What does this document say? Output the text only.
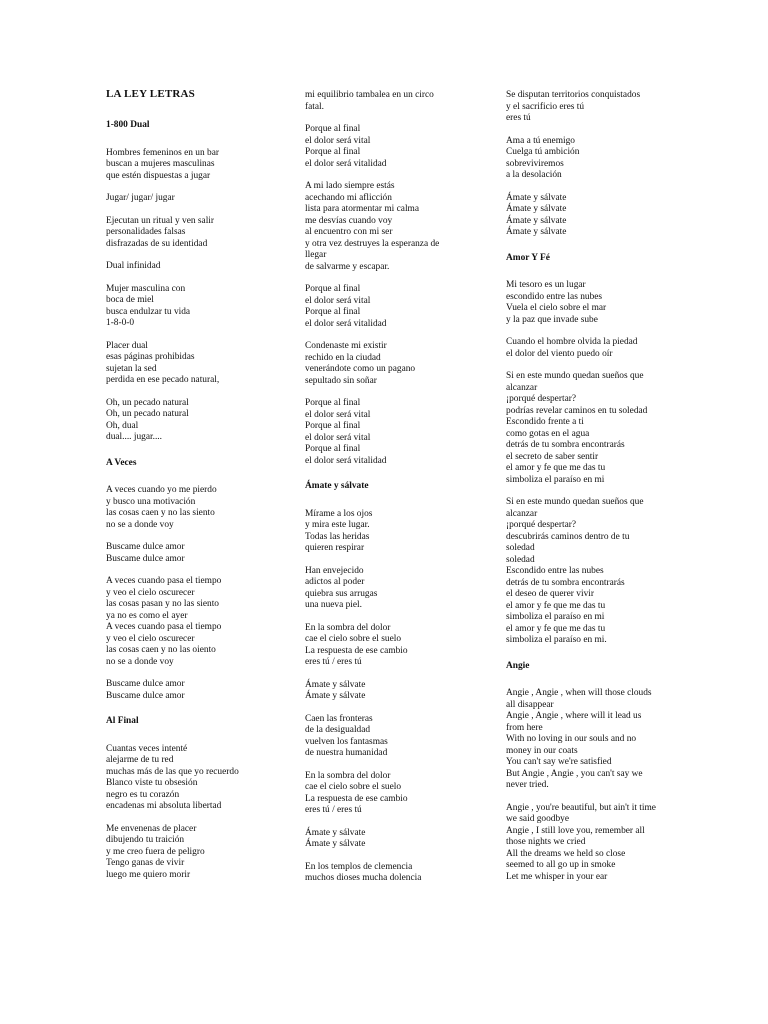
LA LEY LETRAS
1-800 Dual
Hombres femeninos en un bar
buscan a mujeres masculinas
que estén dispuestas a jugar
Jugar/ jugar/ jugar
Ejecutan un ritual y ven salir
personalidades falsas
disfrazadas de su identidad
Dual infinidad
Mujer masculina con
boca de miel
busca endulzar tu vida
1-8-0-0
Placer dual
esas páginas prohibidas
sujetan la sed
perdida en ese pecado natural,
Oh, un pecado natural
Oh, un pecado natural
Oh, dual
dual.... jugar....
A Veces
A veces cuando yo me pierdo
y busco una motivación
las cosas caen y no las siento
no se a donde voy
Buscame dulce amor
Buscame dulce amor
A veces cuando pasa el tiempo
y veo el cielo oscurecer
las cosas pasan y no las siento
ya no es como el ayer
A veces cuando pasa el tiempo
y veo el cielo oscurecer
las cosas caen y no las oiento
no se a donde voy
Buscame dulce amor
Buscame dulce amor
Al Final
Cuantas veces intenté
alejarme de tu red
muchas más de las que yo recuerdo
Blanco viste tu obsesión
negro es tu corazón
encadenas mi absoluta libertad
Me envenenas de placer
dibujendo tu traición
y me creo fuera de peligro
Tengo ganas de vivir
luego me quiero morir
mi equilibrio tambalea en un circo
fatal.
Porque al final
el dolor será vital
Porque al final
el dolor será vitalidad
A mi lado siempre estás
acechando mi aflicción
lista para atormentar mi calma
me desvías cuando voy
al encuentro con mi ser
y otra vez destruyes la esperanza de
llegar
de salvarme y escapar.
Porque al final
el dolor será vital
Porque al final
el dolor será vitalidad
Condenaste mi existir
rechido en la ciudad
venerándote como un pagano
sepultado sin soñar
Porque al final
el dolor será vital
Porque al final
el dolor será vital
Porque al final
el dolor será vitalidad
Ámate y sálvate
Mírame a los ojos
y mira este lugar.
Todas las heridas
quieren respirar
Han envejecido
adictos al poder
quiebra sus arrugas
una nueva piel.
En la sombra del dolor
cae el cielo sobre el suelo
La respuesta de ese cambio
eres tú / eres tú
Ámate y sálvate
Ámate y sálvate
Caen las fronteras
de la desigualdad
vuelven los fantasmas
de nuestra humanidad
En la sombra del dolor
cae el cielo sobre el suelo
La respuesta de ese cambio
eres tú / eres tú
Ámate y sálvate
Ámate y sálvate
En los templos de clemencia
muchos dioses mucha dolencia
Se disputan territorios conquistados
y el sacrificio eres tú
eres tú
Ama a tú enemigo
Cuelga tú ambición
sobreviviremos
a la desolación
Ámate y sálvate
Ámate y sálvate
Ámate y sálvate
Ámate y sálvate
Amor Y Fé
Mi tesoro es un lugar
escondido entre las nubes
Vuela el cielo sobre el mar
y la paz que invade sube
Cuando el hombre olvida la piedad
el dolor del viento puedo oír
Si en este mundo quedan sueños que
alcanzar
¡porqué despertar?
podrías revelar caminos en tu soledad
Escondido frente a ti
como gotas en el agua
detrás de tu sombra encontrarás
el secreto de saber sentir
el amor y fe que me das tu
simboliza el paraíso en mi
Si en este mundo quedan sueños que
alcanzar
¡porqué despertar?
descubrirás caminos dentro de tu
soledad
soledad
Escondido entre las nubes
detrás de tu sombra encontrarás
el deseo de querer vivir
el amor y fe que me das tu
simboliza el paraíso en mi
el amor y fe que me das tu
simboliza el paraíso en mi.
Angie
Angie , Angie , when will those clouds
all disappear
Angie , Angie , where will it lead us
from here
With no loving in our souls and no
money in our coats
You can't say we're satisfied
But Angie , Angie , you can't say we
never tried.
Angie , you're beautiful, but ain't it time
we said goodbye
Angie , I still love you, remember all
those nights we cried
All the dreams we held so close
seemed to all go up in smoke
Let me whisper in your ear
